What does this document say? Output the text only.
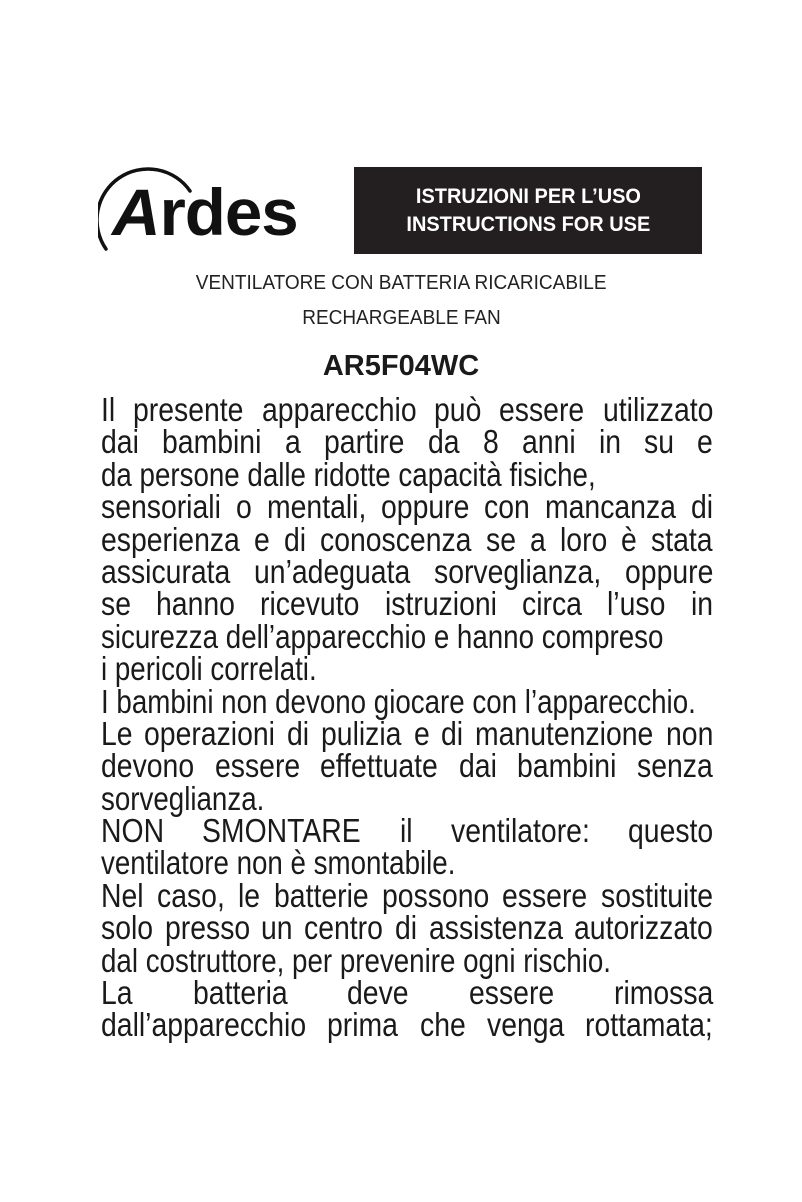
Ardes	ISTRUZIONI PER L’USO
INSTRUCTIONS FOR USE
VENTILATORE CON BATTERIA RICARICABILE
RECHARGEABLE FAN
AR5F04WC
Il presente apparecchio può essere utilizzato
dai bambini a partire da 8 anni in su e
da persone dalle ridotte capacità fisiche,
sensoriali o mentali, oppure con mancanza di
esperienza e di conoscenza se a loro è stata
assicurata un’adeguata sorveglianza, oppure
se hanno ricevuto istruzioni circa l’uso in
sicurezza dell’apparecchio e hanno compreso
i pericoli correlati.
I bambini non devono giocare con l’apparecchio.
Le operazioni di pulizia e di manutenzione non
devono essere effettuate dai bambini senza
sorveglianza.
NON SMONTARE il ventilatore: questo
ventilatore non è smontabile.
Nel caso, le batterie possono essere sostituite
solo presso un centro di assistenza autorizzato
dal costruttore, per prevenire ogni rischio.
La batteria deve essere rimossa
dall’apparecchio prima che venga rottamata;
